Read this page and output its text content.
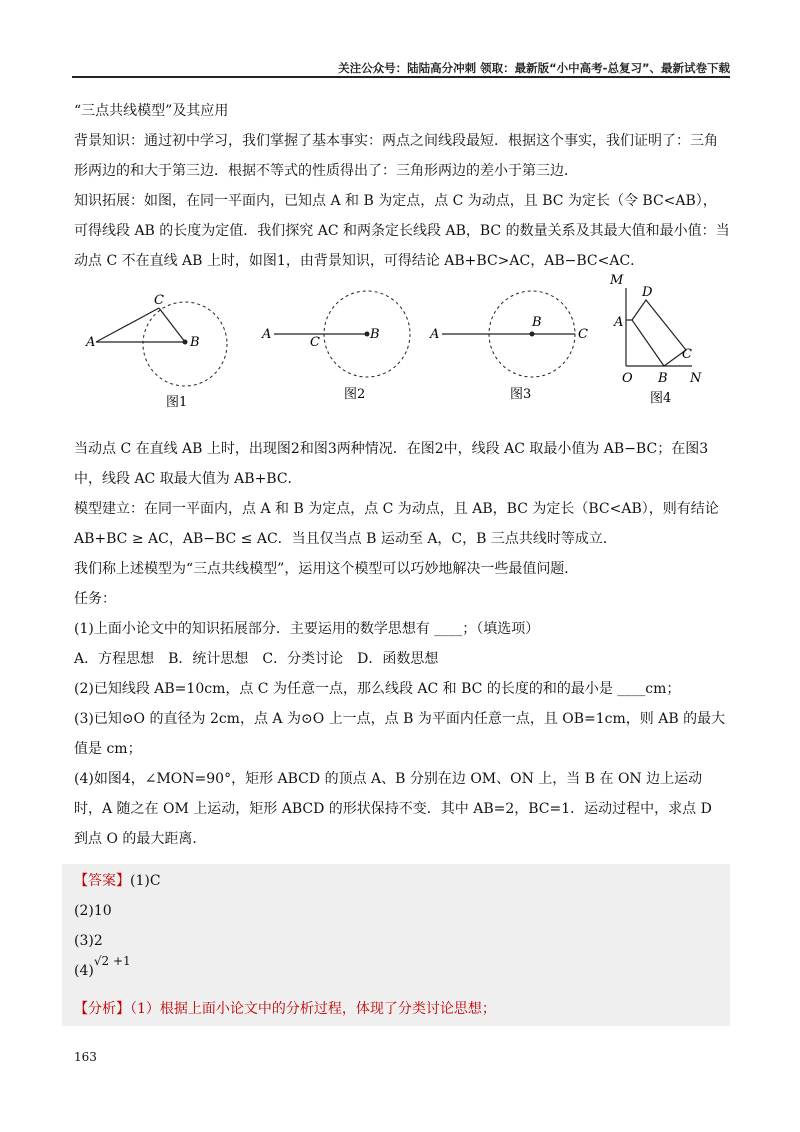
关注公众号：陆陆高分冲刺 领取：最新版“小中高考-总复习”、最新试卷下载

“三点共线模型”及其应用

背景知识：通过初中学习，我们掌握了基本事实：两点之间线段最短．根据这个事实，我们证明了：三角形两边的和大于第三边．根据不等式的性质得出了：三角形两边的差小于第三边．

知识拓展：如图，在同一平面内，已知点 A 和 B 为定点，点 C 为动点，且 BC 为定长（令 BC<AB），可得线段 AB 的长度为定值．我们探究 AC 和两条定长线段 AB，BC 的数量关系及其最大值和最小值：当动点 C 不在直线 AB 上时，如图1，由背景知识，可得结论 AB+BC>AC，AB−BC<AC．

A
C
B
图1
A
C
B
图2
A
B
C
图3
M
D
A
C
O B N
图4

当动点 C 在直线 AB 上时，出现图2和图3两种情况．在图2中，线段 AC 取最小值为 AB−BC；在图3中，线段 AC 取最大值为 AB+BC．

模型建立：在同一平面内，点 A 和 B 为定点，点 C 为动点，且 AB，BC 为定长（BC<AB），则有结论 AB+BC ≥ AC，AB−BC ≤ AC．当且仅当点 B 运动至 A，C，B 三点共线时等成立．

我们称上述模型为“三点共线模型”，运用这个模型可以巧妙地解决一些最值问题．

任务：

(1)上面小论文中的知识拓展部分．主要运用的数学思想有 ____；（填选项）

A．方程思想　B．统计思想　C．分类讨论　D．函数思想

(2)已知线段 AB=10cm，点 C 为任意一点，那么线段 AC 和 BC 的长度的和的最小是 ____cm；

(3)已知⊙O 的直径为 2cm，点 A 为⊙O 上一点，点 B 为平面内任意一点，且 OB=1cm，则 AB 的最大值是 cm；

(4)如图4，∠MON=90°，矩形 ABCD 的顶点 A、B 分别在边 OM、ON 上，当 B 在 ON 边上运动时，A 随之在 OM 上运动，矩形 ABCD 的形状保持不变．其中 AB=2，BC=1．运动过程中，求点 D 到点 O 的最大距离．

【答案】(1)C

(2)10

(3)2

(4)√2 +1

【分析】（1）根据上面小论文中的分析过程，体现了分类讨论思想；

163
